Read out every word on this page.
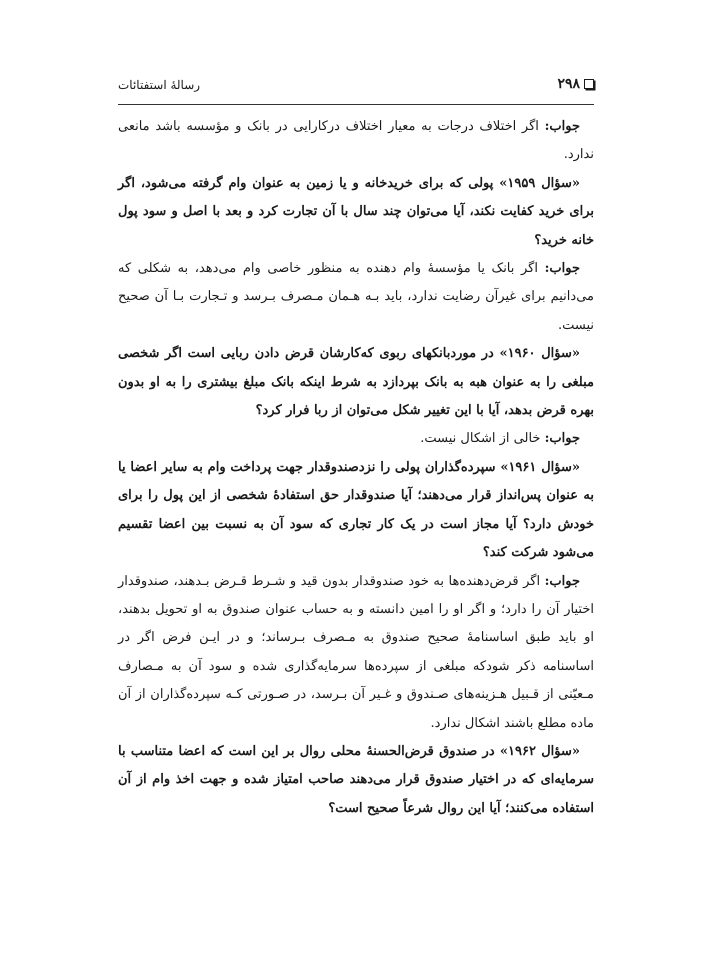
۲۹۸
رسالهٔ استفتائات

جواب: اگر اختلاف درجات به معیار اختلاف درکارایی در بانک و مؤسسه باشد مانعی ندارد.

«سؤال ۱۹۵۹» پولی که برای خریدخانه و یا زمین به عنوان وام گرفته می‌شود، اگر برای خرید کفایت نکند، آیا می‌توان چند سال با آن تجارت کرد و بعد با اصل و سود پول خانه خرید؟

جواب: اگر بانک یا مؤسسهٔ وام دهنده به منظور خاصی وام می‌دهد، به شکلی که می‌دانیم برای غیرآن رضایت ندارد، باید بـه هـمان مـصرف بـرسد و تـجارت بـا آن صحیح نیست.

«سؤال ۱۹۶۰» در موردبانکهای ربوی که‌کارشان قرض دادن ربایی است اگر شخصی مبلغی را به عنوان هبه به بانک بپردازد به شرط اینکه بانک مبلغ بیشتری را به او بدون بهره قرض بدهد، آیا با این تغییر شکل می‌توان از ربا فرار کرد؟

جواب: خالی از اشکال نیست.

«سؤال ۱۹۶۱» سپرده‌گذاران پولی را نزدصندوقدار جهت پرداخت وام به سایر اعضا یا به عنوان پس‌انداز قرار می‌دهند؛ آیا صندوقدار حق استفادهٔ شخصی از این پول را برای خودش دارد؟ آیا مجاز است در یک کار تجاری که سود آن به نسبت بین اعضا تقسیم می‌شود شرکت کند؟

جواب: اگر قرض‌دهنده‌ها به خود صندوقدار بدون قید و شـرط قـرض بـدهند، صندوقدار اختیار آن را دارد؛ و اگر او را امین دانسته و به حساب عنوان صندوق به او تحویل بدهند، او باید طبق اساسنامهٔ صحیح صندوق به مـصرف بـرساند؛ و در ایـن فرض اگر در اساسنامه ذکر شودکه مبلغی از سپرده‌ها سرمایه‌گذاری شده و سود آن به مـصارف مـعیّنی از قـبیل هـزینه‌های صـندوق و غـیر آن بـرسد، در صـورتی کـه سپرده‌گذاران از آن ماده مطلع باشند اشکال ندارد.

«سؤال ۱۹۶۲» در صندوق قرض‌الحسنهٔ محلی روال بر این است که اعضا متناسب با سرمایه‌ای که در اختیار صندوق قرار می‌دهند صاحب امتیاز شده و جهت اخذ وام از آن استفاده می‌کنند؛ آیا این روال شرعاً صحیح است؟
